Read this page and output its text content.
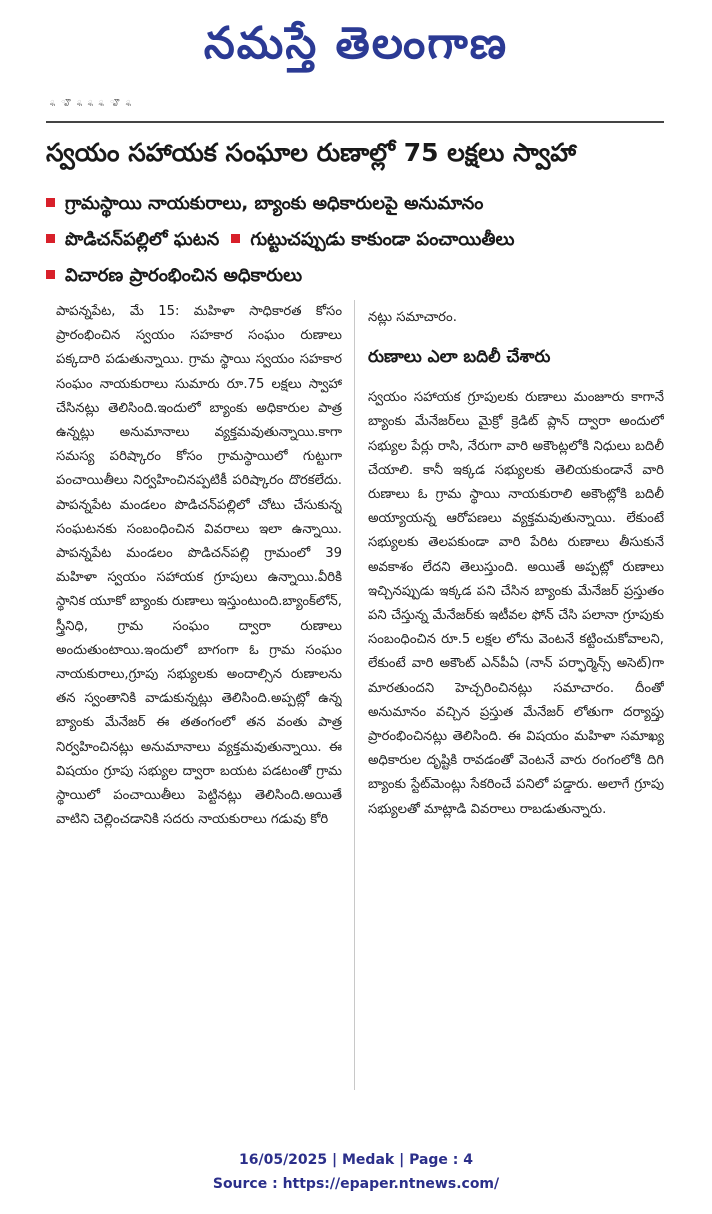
నమస్తే తెలంగాణ
ౢ ౄ ౢ ౢ ౢ ౄ ౢ
స్వయం సహాయక సంఘాల రుణాల్లో 75 లక్షలు స్వాహా
గ్రామస్థాయి నాయకురాలు, బ్యాంకు అధికారులపై అనుమానం
పొడిచన్‌పల్లిలో ఘటన గుట్టుచప్పుడు కాకుండా పంచాయితీలు
విచారణ ప్రారంభించిన అధికారులు

పాపన్నపేట, మే 15: మహిళా సాధికారత కోసం ప్రారంభించిన స్వయం సహకార సంఘం రుణాలు పక్కదారి పడుతున్నాయి. గ్రామ స్థాయి స్వయం సహకార సంఘం నాయకురాలు సుమారు రూ.75 లక్షలు స్వాహా చేసినట్లు తెలిసింది.ఇందులో బ్యాంకు అధికారుల పాత్ర ఉన్నట్లు అనుమానాలు వ్యక్తమవుతున్నాయి.కాగా సమస్య పరిష్కారం కోసం గ్రామస్థాయిలో గుట్టుగా పంచాయితీలు నిర్వహించినప్పటికీ పరిష్కారం దొరకలేదు. పాపన్నపేట మండలం పొడిచన్‌పల్లిలో చోటు చేసుకున్న సంఘటనకు సంబంధించిన వివరాలు ఇలా ఉన్నాయి. పాపన్నపేట మండలం పొడిచన్‌పల్లి గ్రామంలో 39 మహిళా స్వయం సహాయక గ్రూపులు ఉన్నాయి.వీరికి స్థానిక యూకో బ్యాంకు రుణాలు ఇస్తుంటుంది.బ్యాంక్‌లోన్, స్త్రీనిధి, గ్రామ సంఘం ద్వారా రుణాలు అందుతుంటాయి.ఇందులో బాగంగా ఓ గ్రామ సంఘం నాయకురాలు,గ్రూపు సభ్యులకు అందాల్సిన రుణాలను తన స్వంతానికి వాడుకున్నట్లు తెలిసింది.అప్పట్లో ఉన్న బ్యాంకు మేనేజర్ ఈ తతంగంలో తన వంతు పాత్ర నిర్వహించినట్లు అనుమానాలు వ్యక్తమవుతున్నాయి. ఈ విషయం గ్రూపు సభ్యుల ద్వారా బయట పడటంతో గ్రామ స్థాయిలో పంచాయితీలు పెట్టినట్లు తెలిసింది.అయితే వాటిని చెల్లించడానికి సదరు నాయకురాలు గడువు కోరి

నట్లు సమాచారం.

రుణాలు ఎలా బదిలీ చేశారు

స్వయం సహాయక గ్రూపులకు రుణాలు మంజూరు కాగానే బ్యాంకు మేనేజర్‌లు మైక్రో క్రెడిట్ ప్లాన్ ద్వారా అందులో సభ్యుల పేర్లు రాసి, నేరుగా వారి అకౌంట్లలోకి నిధులు బదిలీ చేయాలి. కానీ ఇక్కడ సభ్యులకు తెలియకుండానే వారి రుణాలు ఓ గ్రామ స్థాయి నాయకురాలి అకౌంట్లోకి బదిలీ అయ్యాయన్న ఆరోపణలు వ్యక్తమవుతున్నాయి. లేకుంటే సభ్యులకు తెలపకుండా వారి పేరిట రుణాలు తీసుకునే అవకాశం లేదని తెలుస్తుంది. అయితే అప్పట్లో రుణాలు ఇచ్చినప్పుడు ఇక్కడ పని చేసిన బ్యాంకు మేనేజర్ ప్రస్తుతం పని చేస్తున్న మేనేజర్‌కు ఇటీవల ఫోన్ చేసి పలానా గ్రూపుకు సంబంధించిన రూ.5 లక్షల లోను వెంటనే కట్టించుకోవాలని, లేకుంటే వారి అకౌంట్ ఎన్‌పీఏ (నాన్ పర్ఫార్మెన్స్ అసెట్)గా మారతుందని హెచ్చరించినట్లు సమాచారం. దీంతో అనుమానం వచ్చిన ప్రస్తుత మేనేజర్ లోతుగా దర్యాప్తు ప్రారంభించినట్లు తెలిసింది. ఈ విషయం మహిళా సమాఖ్య అధికారుల దృష్టికి రావడంతో వెంటనే వారు రంగంలోకి దిగి బ్యాంకు స్టేట్‌మెంట్లు సేకరించే పనిలో పడ్డారు. అలాగే గ్రూపు సభ్యులతో మాట్లాడి వివరాలు రాబడుతున్నారు.

16/05/2025 | Medak | Page : 4
Source : https://epaper.ntnews.com/
